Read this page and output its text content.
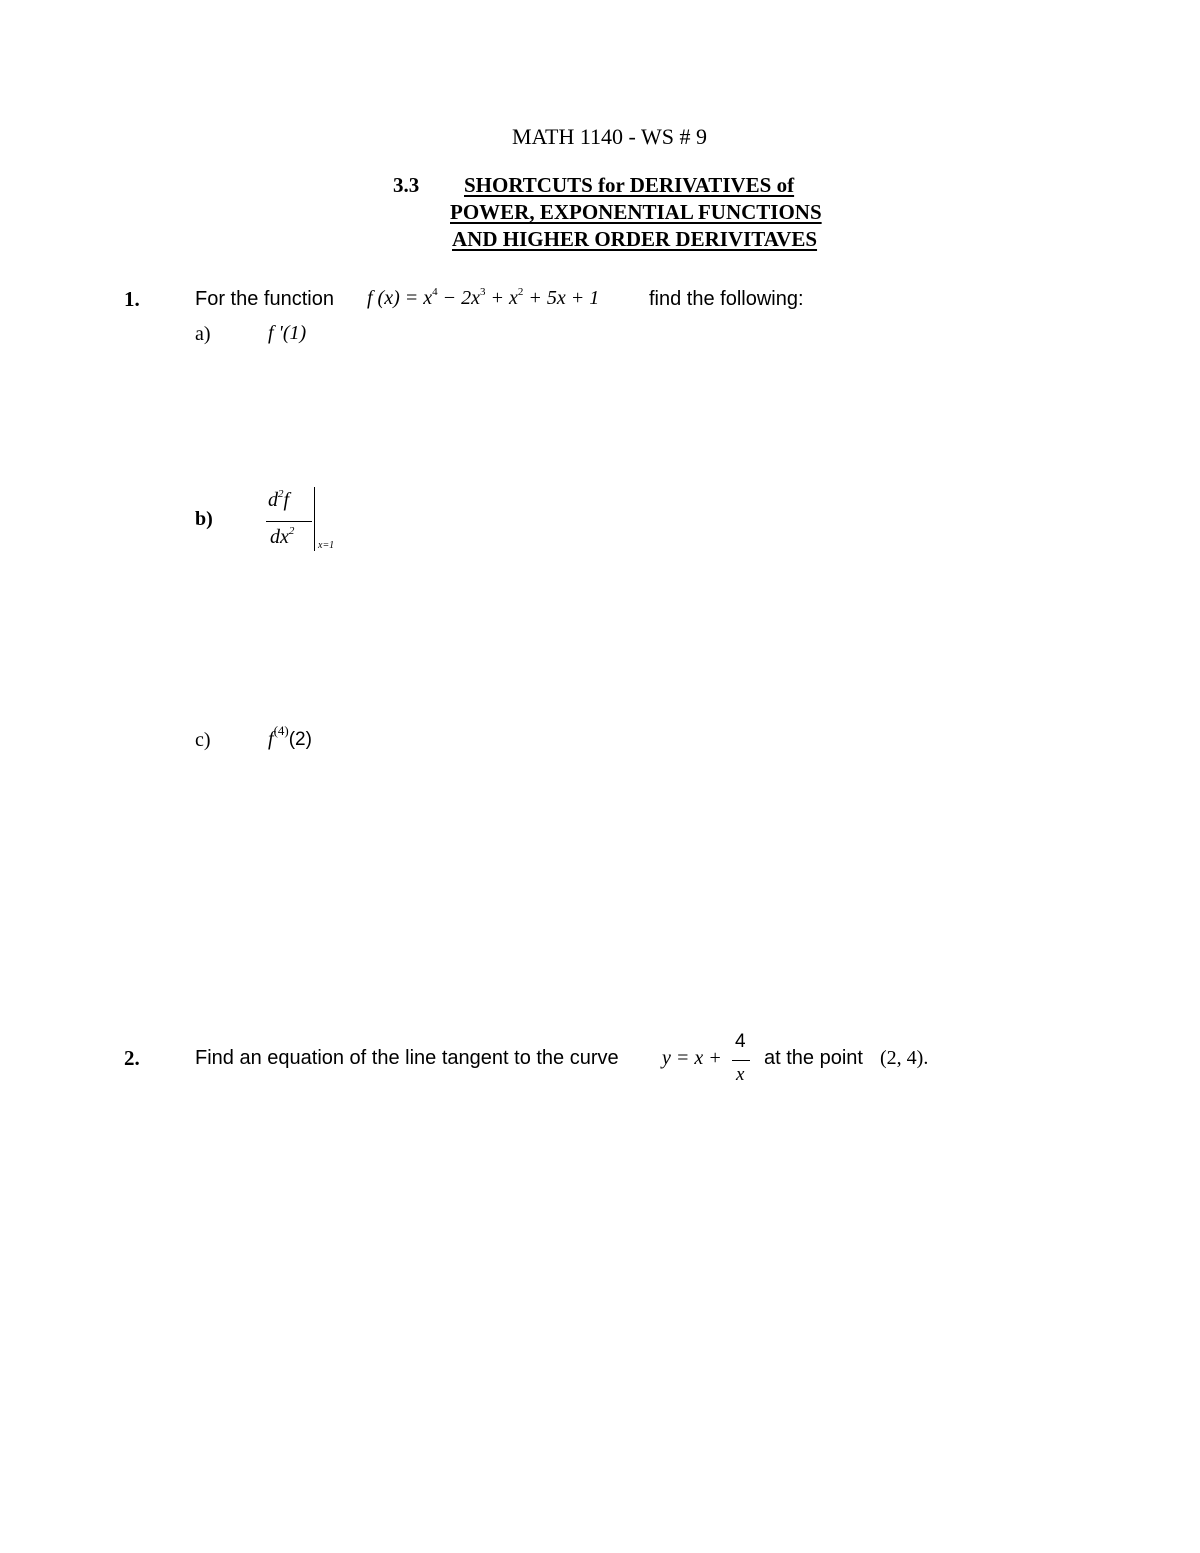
MATH 1140 - WS # 9
3.3 SHORTCUTS for DERIVATIVES of
POWER, EXPONENTIAL FUNCTIONS
AND HIGHER ORDER DERIVITAVES
1.	For the function f $(x) = x^4 - 2x^3 + x^2 + 5x + 1$ find the following:
a)	f '(1)
b)
$d^2f$
$dx^2$
x=1
c)	$f^{(4)}(2)$
2.	Find an equation of the line tangent to the curve y = x +
4
x
at the point (2, 4).
